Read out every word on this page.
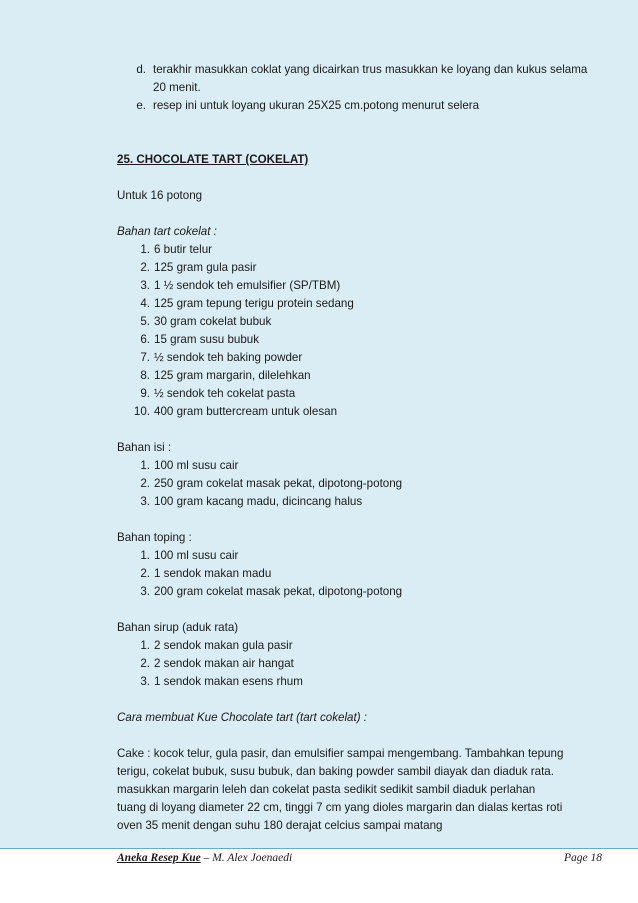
d. terakhir masukkan coklat yang dicairkan trus masukkan ke loyang dan kukus selama
20 menit.
e. resep ini untuk loyang ukuran 25X25 cm.potong menurut selera
25. CHOCOLATE TART (COKELAT)
Untuk 16 potong
Bahan tart cokelat :
1. 6 butir telur
2. 125 gram gula pasir
3. 1 ½ sendok teh emulsifier (SP/TBM)
4. 125 gram tepung terigu protein sedang
5. 30 gram cokelat bubuk
6. 15 gram susu bubuk
7. ½ sendok teh baking powder
8. 125 gram margarin, dilelehkan
9. ½ sendok teh cokelat pasta
10. 400 gram buttercream untuk olesan
Bahan isi :
1. 100 ml susu cair
2. 250 gram cokelat masak pekat, dipotong-potong
3. 100 gram kacang madu, dicincang halus
Bahan toping :
1. 100 ml susu cair
2. 1 sendok makan madu
3. 200 gram cokelat masak pekat, dipotong-potong
Bahan sirup (aduk rata)
1. 2 sendok makan gula pasir
2. 2 sendok makan air hangat
3. 1 sendok makan esens rhum
Cara membuat Kue Chocolate tart (tart cokelat) :
Cake : kocok telur, gula pasir, dan emulsifier sampai mengembang. Tambahkan tepung
terigu, cokelat bubuk, susu bubuk, dan baking powder sambil diayak dan diaduk rata.
masukkan margarin leleh dan cokelat pasta sedikit sedikit sambil diaduk perlahan
tuang di loyang diameter 22 cm, tinggi 7 cm yang dioles margarin dan dialas kertas roti
oven 35 menit dengan suhu 180 derajat celcius sampai matang
Aneka Resep Kue – M. Alex Joenaedi	Page 18
